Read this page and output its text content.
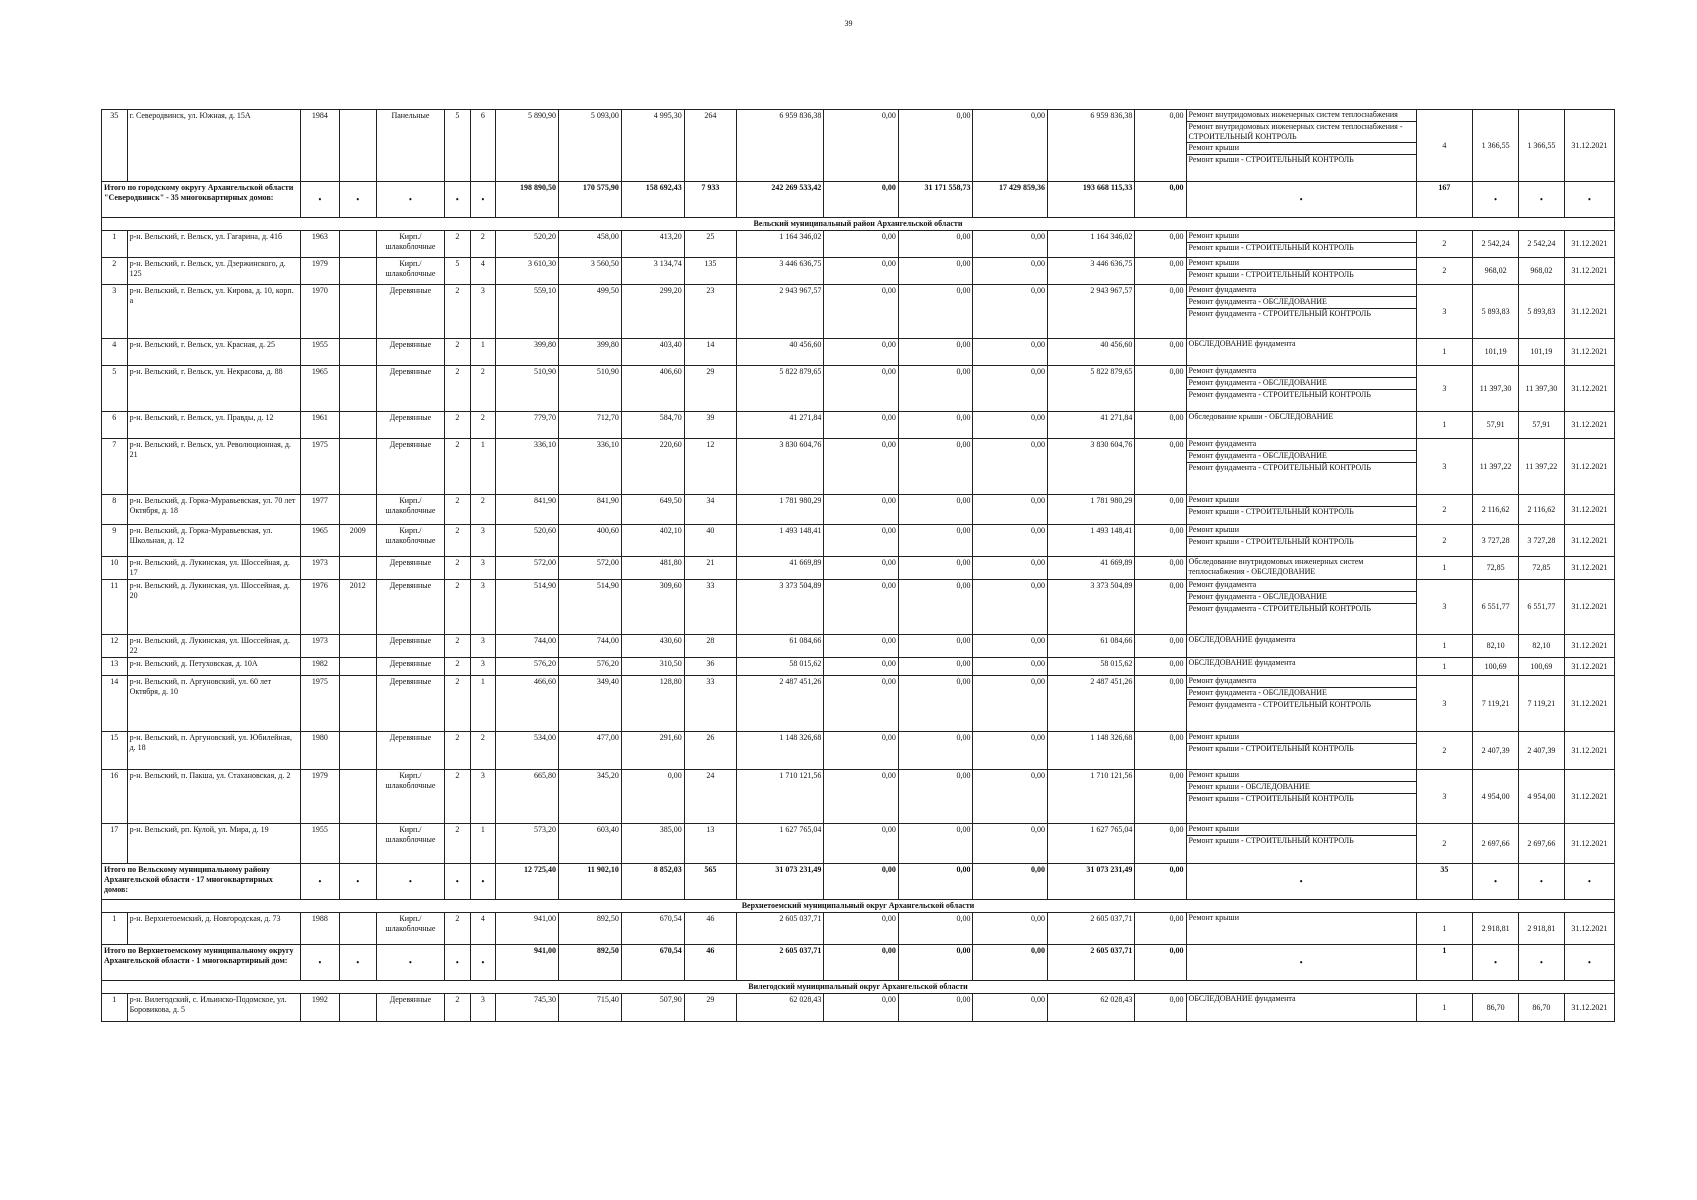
39
35	г. Северодвинск, ул. Южная, д. 15А	1984		Панельные	5	6	5 890,90	5 093,00	4 995,30	264	6 959 836,38	0,00	0,00	0,00	6 959 836,38	0,00	Ремонт внутридомовых инженерных систем теплоснабжения
Ремонт внутридомовых инженерных систем теплоснабжения - СТРОИТЕЛЬНЫЙ КОНТРОЛЬ
Ремонт крыши
Ремонт крыши - СТРОИТЕЛЬНЫЙ КОНТРОЛЬ	4	1 366,55	1 366,55	31.12.2021
Итого по городскому округу Архангельской области "Северодвинск" - 35 многоквартирных домов:		•	•	•	•	•	198 890,50	170 575,90	158 692,43	7 933	242 269 533,42	0,00	31 171 558,73	17 429 859,36	193 668 115,33	0,00	•	167	•	•	•
Вельский муниципальный район Архангельской области																					
1	р-н. Вельский, г. Вельск, ул. Гагарина, д. 41б	1963		Кирп./шлакоблочные	2	2	520,20	458,00	413,20	25	1 164 346,02	0,00	0,00	0,00	1 164 346,02	0,00	Ремонт крыши
Ремонт крыши - СТРОИТЕЛЬНЫЙ КОНТРОЛЬ	2	2 542,24	2 542,24	31.12.2021
2	р-н. Вельский, г. Вельск, ул. Дзержинского, д. 125	1979		Кирп./шлакоблочные	5	4	3 610,30	3 560,50	3 134,74	135	3 446 636,75	0,00	0,00	0,00	3 446 636,75	0,00	Ремонт крыши
Ремонт крыши - СТРОИТЕЛЬНЫЙ КОНТРОЛЬ	2	968,02	968,02	31.12.2021
3	р-н. Вельский, г. Вельск, ул. Кирова, д. 10, корп. а	1970		Деревянные	2	3	559,10	499,50	299,20	23	2 943 967,57	0,00	0,00	0,00	2 943 967,57	0,00	Ремонт фундамента
Ремонт фундамента - ОБСЛЕДОВАНИЕ
Ремонт фундамента - СТРОИТЕЛЬНЫЙ КОНТРОЛЬ	3	5 893,83	5 893,83	31.12.2021
4	р-н. Вельский, г. Вельск, ул. Красная, д. 25	1955		Деревянные	2	1	399,80	399,80	403,40	14	40 456,60	0,00	0,00	0,00	40 456,60	0,00	ОБСЛЕДОВАНИЕ фундамента	1	101,19	101,19	31.12.2021
5	р-н. Вельский, г. Вельск, ул. Некрасова, д. 88	1965		Деревянные	2	2	510,90	510,90	406,60	29	5 822 879,65	0,00	0,00	0,00	5 822 879,65	0,00	Ремонт фундамента
Ремонт фундамента - ОБСЛЕДОВАНИЕ
Ремонт фундамента - СТРОИТЕЛЬНЫЙ КОНТРОЛЬ	3	11 397,30	11 397,30	31.12.2021
6	р-н. Вельский, г. Вельск, ул. Правды, д. 12	1961		Деревянные	2	2	779,70	712,70	584,70	39	41 271,84	0,00	0,00	0,00	41 271,84	0,00	Обследование крыши - ОБСЛЕДОВАНИЕ	1	57,91	57,91	31.12.2021
7	р-н. Вельский, г. Вельск, ул. Революционная, д. 21	1975		Деревянные	2	1	336,10	336,10	220,60	12	3 830 604,76	0,00	0,00	0,00	3 830 604,76	0,00	Ремонт фундамента
Ремонт фундамента - ОБСЛЕДОВАНИЕ
Ремонт фундамента - СТРОИТЕЛЬНЫЙ КОНТРОЛЬ	3	11 397,22	11 397,22	31.12.2021
8	р-н. Вельский, д. Горка-Муравьевская, ул. 70 лет Октября, д. 18	1977		Кирп./шлакоблочные	2	2	841,90	841,90	649,50	34	1 781 980,29	0,00	0,00	0,00	1 781 980,29	0,00	Ремонт крыши
Ремонт крыши - СТРОИТЕЛЬНЫЙ КОНТРОЛЬ	2	2 116,62	2 116,62	31.12.2021
9	р-н. Вельский, д. Горка-Муравьевская, ул. Школьная, д. 12	1965	2009	Кирп./шлакоблочные	2	3	520,60	400,60	402,10	40	1 493 148,41	0,00	0,00	0,00	1 493 148,41	0,00	Ремонт крыши
Ремонт крыши - СТРОИТЕЛЬНЫЙ КОНТРОЛЬ	2	3 727,28	3 727,28	31.12.2021
10	р-н. Вельский, д. Лукинская, ул. Шоссейная, д. 17	1973		Деревянные	2	3	572,00	572,00	481,80	21	41 669,89	0,00	0,00	0,00	41 669,89	0,00	Обследование внутридомовых инженерных систем теплоснабжения - ОБСЛЕДОВАНИЕ	1	72,85	72,85	31.12.2021
11	р-н. Вельский, д. Лукинская, ул. Шоссейная, д. 20	1976	2012	Деревянные	2	3	514,90	514,90	309,60	33	3 373 504,89	0,00	0,00	0,00	3 373 504,89	0,00	Ремонт фундамента
Ремонт фундамента - ОБСЛЕДОВАНИЕ
Ремонт фундамента - СТРОИТЕЛЬНЫЙ КОНТРОЛЬ	3	6 551,77	6 551,77	31.12.2021
12	р-н. Вельский, д. Лукинская, ул. Шоссейная, д. 22	1973		Деревянные	2	3	744,00	744,00	430,60	28	61 084,66	0,00	0,00	0,00	61 084,66	0,00	ОБСЛЕДОВАНИЕ фундамента	1	82,10	82,10	31.12.2021
13	р-н. Вельский, д. Петуховская, д. 10А	1982		Деревянные	2	3	576,20	576,20	310,50	36	58 015,62	0,00	0,00	0,00	58 015,62	0,00	ОБСЛЕДОВАНИЕ фундамента	1	100,69	100,69	31.12.2021
14	р-н. Вельский, п. Аргуновский, ул. 60 лет Октября, д. 10	1975		Деревянные	2	1	466,60	349,40	128,80	33	2 487 451,26	0,00	0,00	0,00	2 487 451,26	0,00	Ремонт фундамента
Ремонт фундамента - ОБСЛЕДОВАНИЕ
Ремонт фундамента - СТРОИТЕЛЬНЫЙ КОНТРОЛЬ	3	7 119,21	7 119,21	31.12.2021
15	р-н. Вельский, п. Аргуновский, ул. Юбилейная, д. 18	1980		Деревянные	2	2	534,00	477,00	291,60	26	1 148 326,68	0,00	0,00	0,00	1 148 326,68	0,00	Ремонт крыши
Ремонт крыши - СТРОИТЕЛЬНЫЙ КОНТРОЛЬ	2	2 407,39	2 407,39	31.12.2021
16	р-н. Вельский, п. Пакша, ул. Стахановская, д. 2	1979		Кирп./шлакоблочные	2	3	665,80	345,20	0,00	24	1 710 121,56	0,00	0,00	0,00	1 710 121,56	0,00	Ремонт крыши
Ремонт крыши - ОБСЛЕДОВАНИЕ
Ремонт крыши - СТРОИТЕЛЬНЫЙ КОНТРОЛЬ	3	4 954,00	4 954,00	31.12.2021
17	р-н. Вельский, рп. Кулой, ул. Мира, д. 19	1955		Кирп./шлакоблочные	2	1	573,20	603,40	385,00	13	1 627 765,04	0,00	0,00	0,00	1 627 765,04	0,00	Ремонт крыши
Ремонт крыши - СТРОИТЕЛЬНЫЙ КОНТРОЛЬ	2	2 697,66	2 697,66	31.12.2021
Итого по Вельскому муниципальному району Архангельской области - 17 многоквартирных домов:		•	•	•	•	•	12 725,40	11 902,10	8 852,03	565	31 073 231,49	0,00	0,00	0,00	31 073 231,49	0,00	•	35	•	•	•
Верхнетоемский муниципальный округ Архангельской области																					
1	р-н. Верхнетоемский, д. Новгородская, д. 73	1988		Кирп./шлакоблочные	2	4	941,00	892,50	670,54	46	2 605 037,71	0,00	0,00	0,00	2 605 037,71	0,00	Ремонт крыши	1	2 918,81	2 918,81	31.12.2021
Итого по Верхнетоемскому муниципальному округу Архангельской области - 1 многоквартирный дом:		•	•	•	•	•	941,00	892,50	670,54	46	2 605 037,71	0,00	0,00	0,00	2 605 037,71	0,00	•	1	•	•	•
Вилегодский муниципальный округ Архангельской области																					
1	р-н. Вилегодский, с. Ильинско-Подомское, ул. Боровикова, д. 5	1992		Деревянные	2	3	745,30	715,40	507,90	29	62 028,43	0,00	0,00	0,00	62 028,43	0,00	ОБСЛЕДОВАНИЕ фундамента	1	86,70	86,70	31.12.2021
